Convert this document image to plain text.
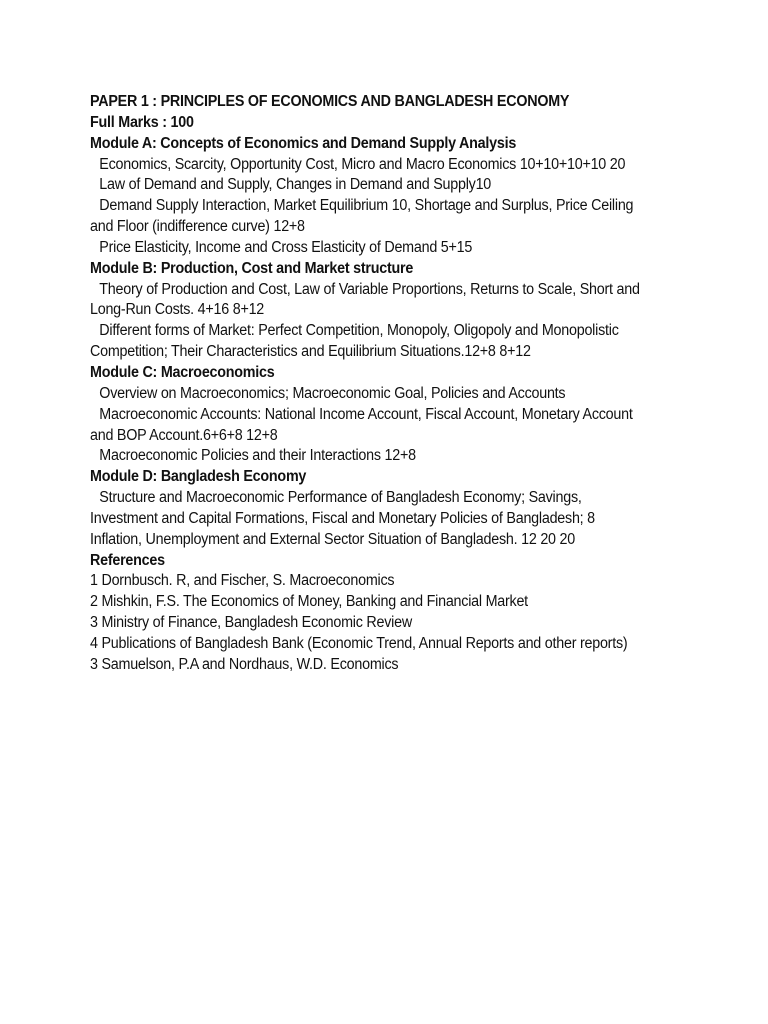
PAPER 1 : PRINCIPLES OF ECONOMICS AND BANGLADESH ECONOMY

Full Marks : 100

Module A: Concepts of Economics and Demand Supply Analysis

Economics, Scarcity, Opportunity Cost, Micro and Macro Economics 10+10+10+10 20

Law of Demand and Supply, Changes in Demand and Supply10

Demand Supply Interaction, Market Equilibrium 10, Shortage and Surplus, Price Ceiling

and Floor (indifference curve) 12+8

Price Elasticity, Income and Cross Elasticity of Demand 5+15

Module B: Production, Cost and Market structure

Theory of Production and Cost, Law of Variable Proportions, Returns to Scale, Short and

Long-Run Costs. 4+16 8+12

Different forms of Market: Perfect Competition, Monopoly, Oligopoly and Monopolistic

Competition; Their Characteristics and Equilibrium Situations.12+8 8+12

Module C: Macroeconomics

Overview on Macroeconomics; Macroeconomic Goal, Policies and Accounts

Macroeconomic Accounts: National Income Account, Fiscal Account, Monetary Account

and BOP Account.6+6+8 12+8

Macroeconomic Policies and their Interactions 12+8

Module D: Bangladesh Economy

Structure and Macroeconomic Performance of Bangladesh Economy; Savings,

Investment and Capital Formations, Fiscal and Monetary Policies of Bangladesh; 8

Inflation, Unemployment and External Sector Situation of Bangladesh. 12 20 20

References

1 Dornbusch. R, and Fischer, S. Macroeconomics

2 Mishkin, F.S. The Economics of Money, Banking and Financial Market

3 Ministry of Finance, Bangladesh Economic Review

4 Publications of Bangladesh Bank (Economic Trend, Annual Reports and other reports)

3 Samuelson, P.A and Nordhaus, W.D. Economics
